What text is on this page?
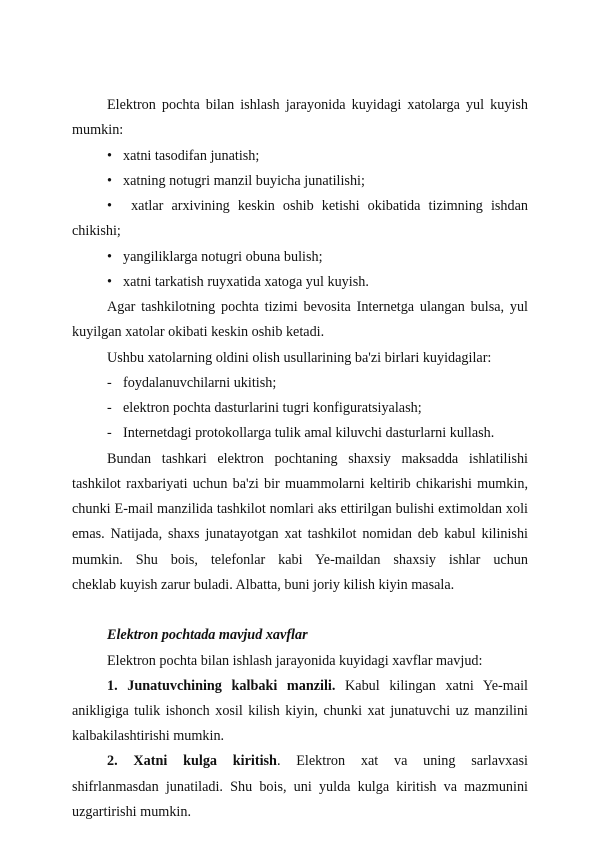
Elektron pochta bilan ishlash jarayonida kuyidagi xatolarga yul kuyish

mumkin:

• xatni tasodifan junatish;

• xatning notugri manzil buyicha junatilishi;

• xatlar arxivining keskin oshib ketishi okibatida tizimning ishdan

chikishi;

• yangiliklarga notugri obuna bulish;

• xatni tarkatish ruyxatida xatoga yul kuyish.

Agar tashkilotning pochta tizimi bevosita Internetga ulangan bulsa, yul

kuyilgan xatolar okibati keskin oshib ketadi.

Ushbu xatolarning oldini olish usullarining ba'zi birlari kuyidagilar:

- foydalanuvchilarni ukitish;

- elektron pochta dasturlarini tugri konfiguratsiyalash;

- Internetdagi protokollarga tulik amal kiluvchi dasturlarni kullash.

Bundan tashkari elektron pochtaning shaxsiy maksadda ishlatilishi

tashkilot raxbariyati uchun ba'zi bir muammolarni keltirib chikarishi mumkin,

chunki E-mail manzilida tashkilot nomlari aks ettirilgan bulishi extimoldan xoli

emas. Natijada, shaxs junatayotgan xat tashkilot nomidan deb kabul kilinishi

mumkin. Shu bois, telefonlar kabi Ye-maildan shaxsiy ishlar uchun

cheklab kuyish zarur buladi. Albatta, buni joriy kilish kiyin masala.

Elektron pochtada mavjud xavflar

Elektron pochta bilan ishlash jarayonida kuyidagi xavflar mavjud:

1. Junatuvchining kalbaki manzili. Kabul kilingan xatni Ye-mail

anikligiga tulik ishonch xosil kilish kiyin, chunki xat junatuvchi uz manzilini

kalbakilashtirishi mumkin.

2. Xatni kulga kiritish. Elektron xat va uning sarlavxasi

shifrlanmasdan junatiladi. Shu bois, uni yulda kulga kiritish va mazmunini

uzgartirishi mumkin.
